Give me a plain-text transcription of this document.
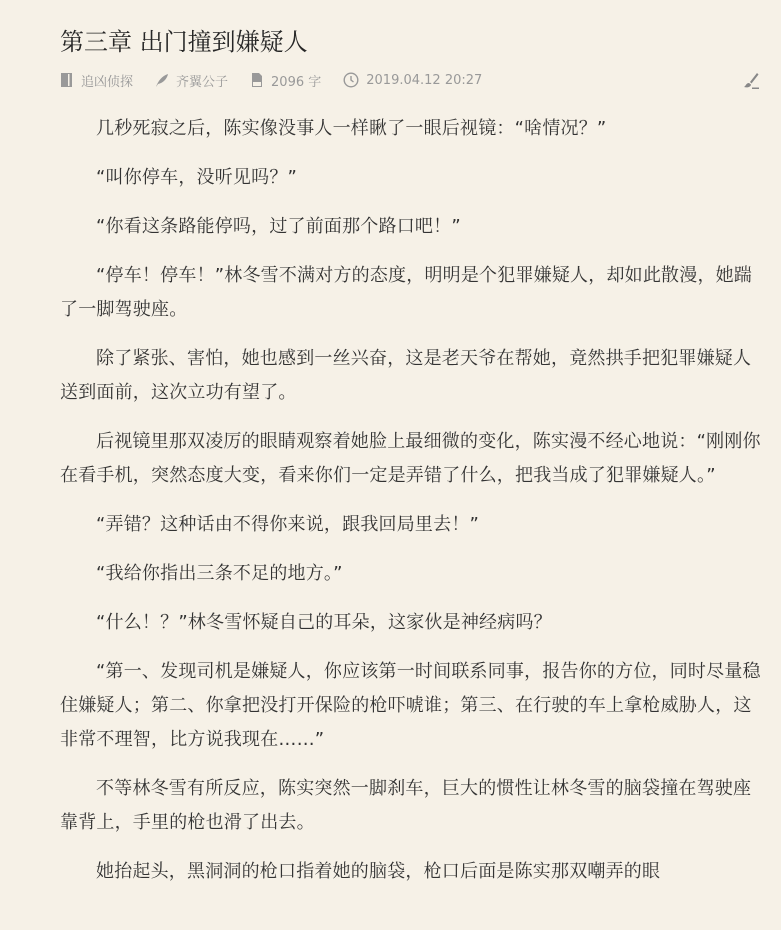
第三章 出门撞到嫌疑人
追凶侦探	齐翼公子	2096 字	2019.04.12 20:27

几秒死寂之后，陈实像没事人一样瞅了一眼后视镜：“啥情况？”

“叫你停车，没听见吗？”

“你看这条路能停吗，过了前面那个路口吧！”

“停车！停车！”林冬雪不满对方的态度，明明是个犯罪嫌疑人，却如此散漫，她踹了一脚驾驶座。

除了紧张、害怕，她也感到一丝兴奋，这是老天爷在帮她，竟然拱手把犯罪嫌疑人送到面前，这次立功有望了。

后视镜里那双凌厉的眼睛观察着她脸上最细微的变化，陈实漫不经心地说：“刚刚你在看手机，突然态度大变，看来你们一定是弄错了什么，把我当成了犯罪嫌疑人。”

“弄错？这种话由不得你来说，跟我回局里去！”

“我给你指出三条不足的地方。”

“什么！？”林冬雪怀疑自己的耳朵，这家伙是神经病吗？

“第一、发现司机是嫌疑人，你应该第一时间联系同事，报告你的方位，同时尽量稳住嫌疑人；第二、你拿把没打开保险的枪吓唬谁；第三、在行驶的车上拿枪威胁人，这非常不理智，比方说我现在……”

不等林冬雪有所反应，陈实突然一脚刹车，巨大的惯性让林冬雪的脑袋撞在驾驶座靠背上，手里的枪也滑了出去。

她抬起头，黑洞洞的枪口指着她的脑袋，枪口后面是陈实那双嘲弄的眼
